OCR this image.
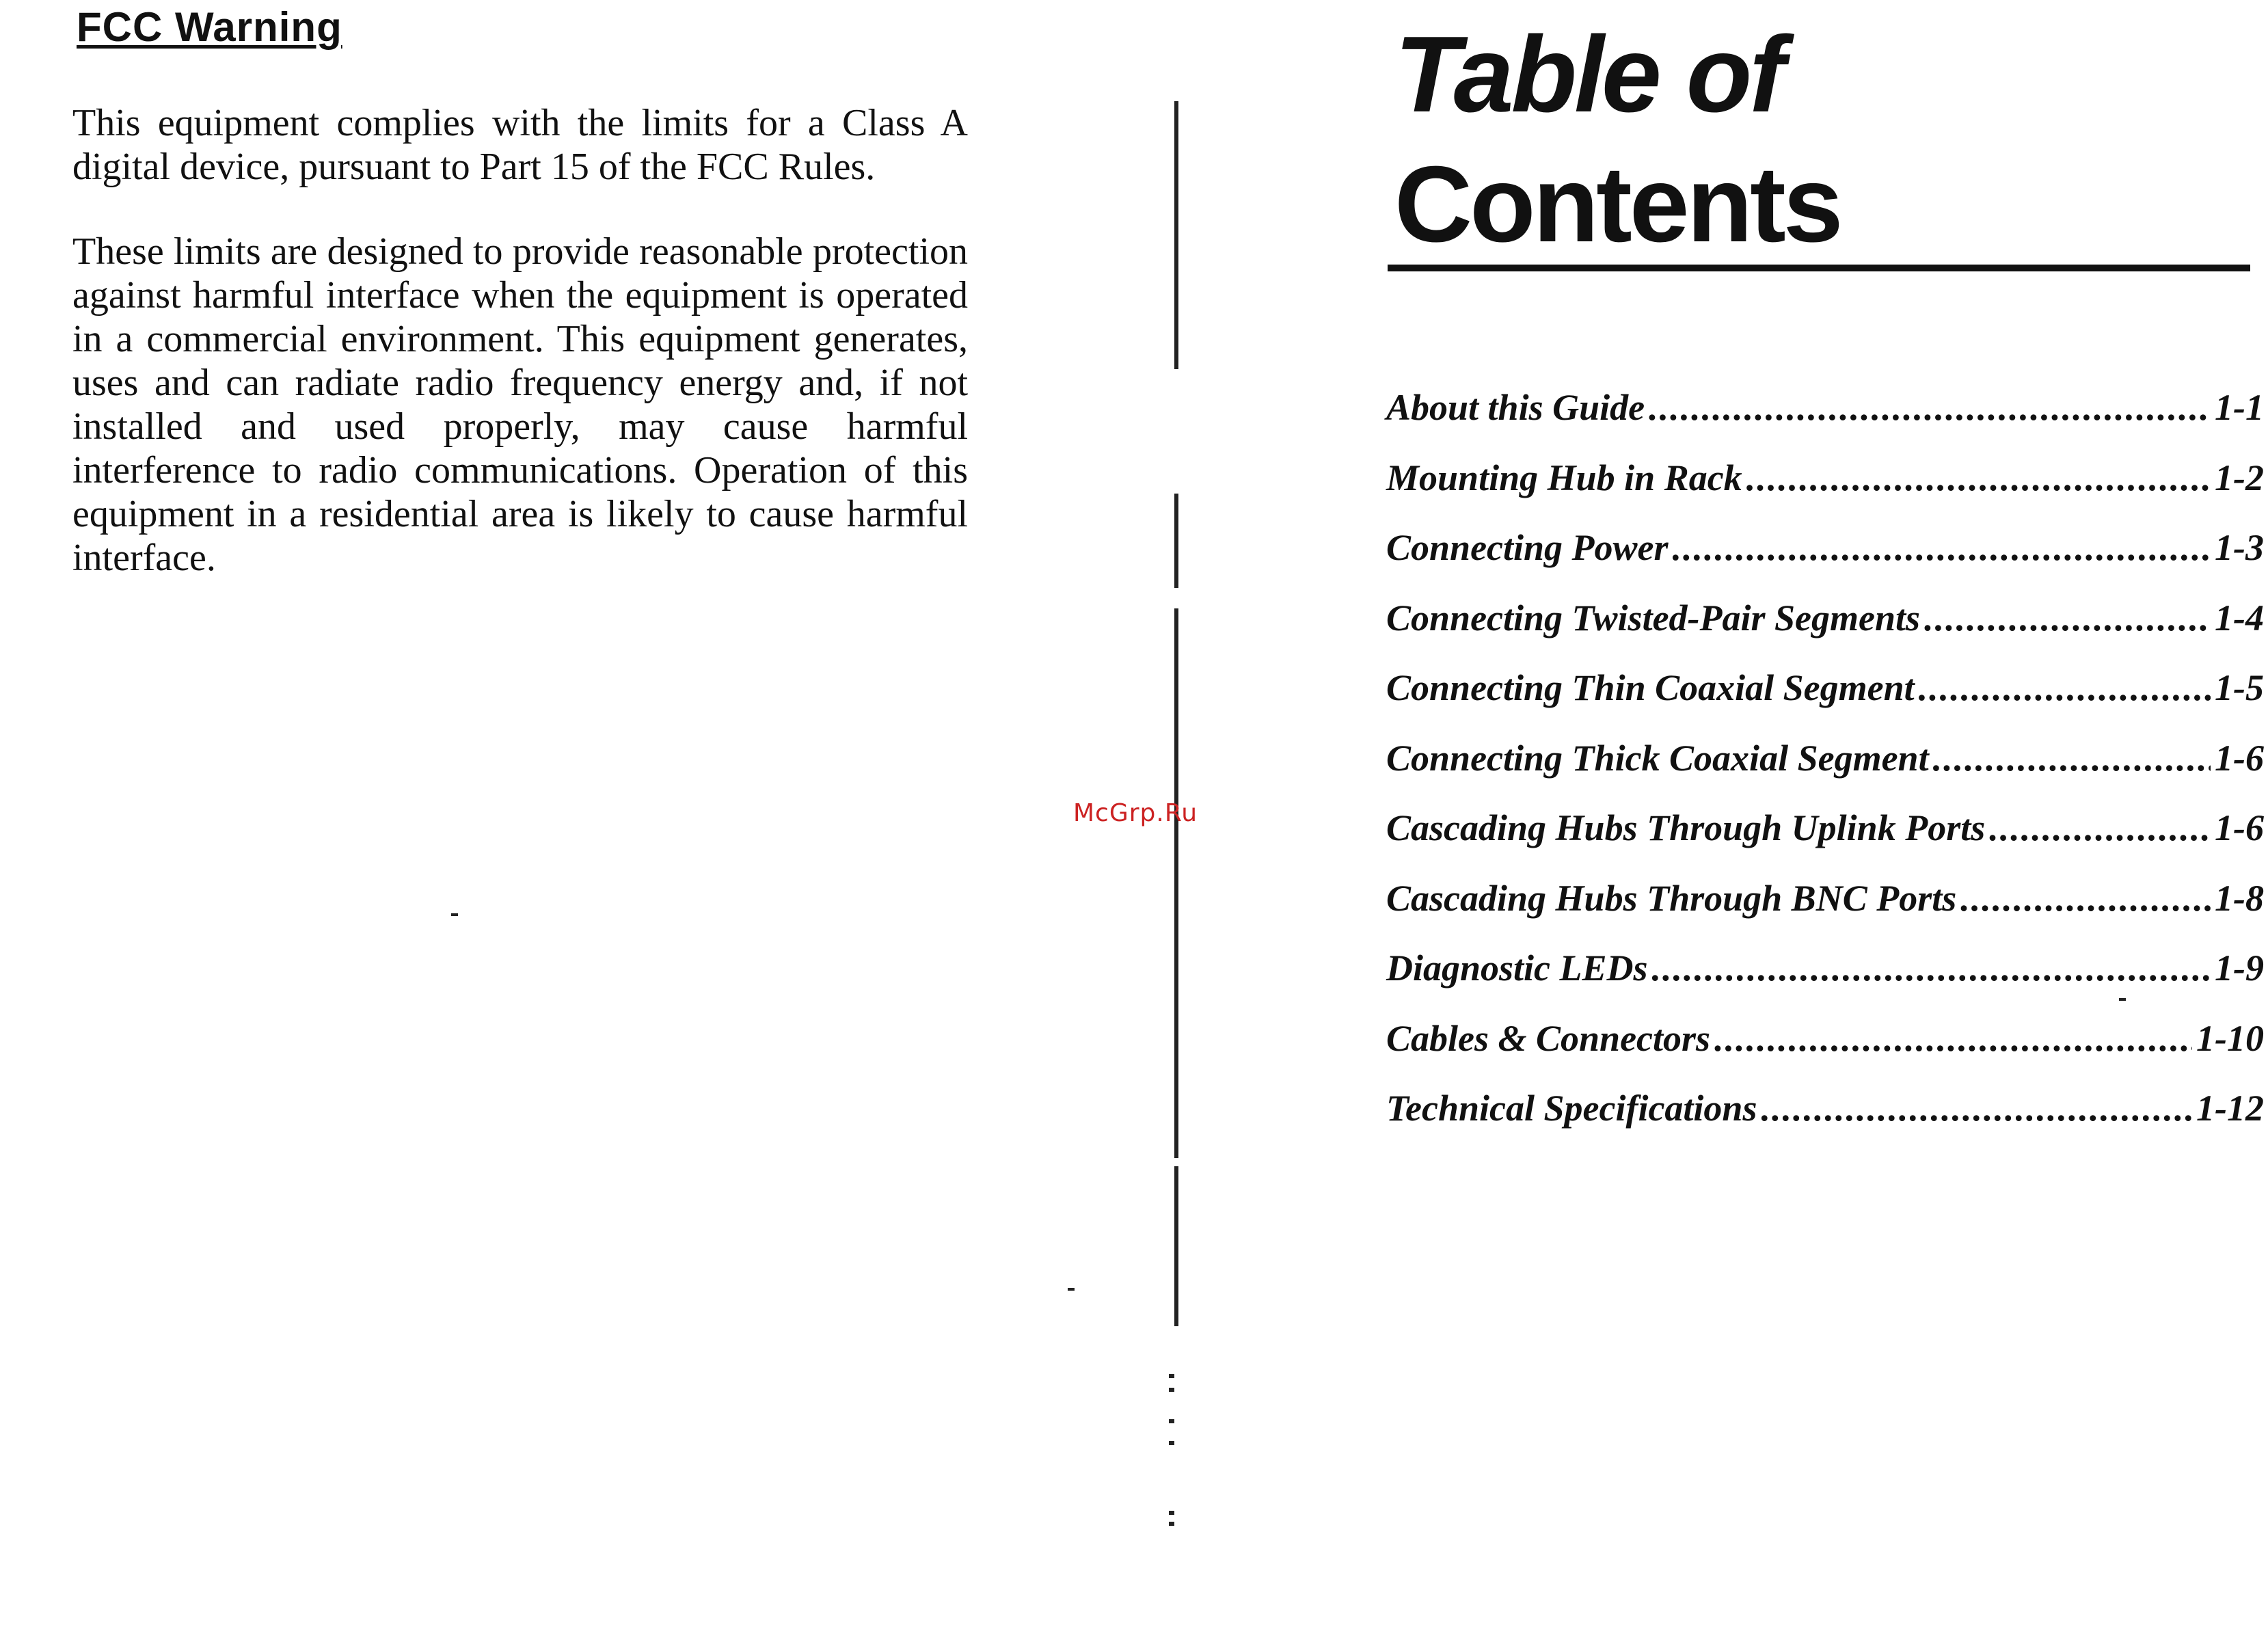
FCC Warning

This equipment complies with the limits for a Class A digital device, pursuant to Part 15 of the FCC Rules.

These limits are designed to provide reasonable protection against harmful interface when the equipment is operated in a commercial environment. This equipment generates, uses and can radiate radio frequency energy and, if not installed and used properly, may cause harmful interference to radio communications. Operation of this equipment in a residential area is likely to cause harmful interface.

McGrp.Ru
Table of
Contents
About this Guide .....	1-1
Mounting Hub in Rack .....	1-2
Connecting Power .....	1-3
Connecting Twisted-Pair Segments .....	1-4
Connecting Thin Coaxial Segment .....	1-5
Connecting Thick Coaxial Segment .....	1-6
Cascading Hubs Through Uplink Ports .....	1-6
Cascading Hubs Through BNC Ports .....	1-8
Diagnostic LEDs .....	1-9
Cables & Connectors .....	1-10
Technical Specifications .....	1-12
